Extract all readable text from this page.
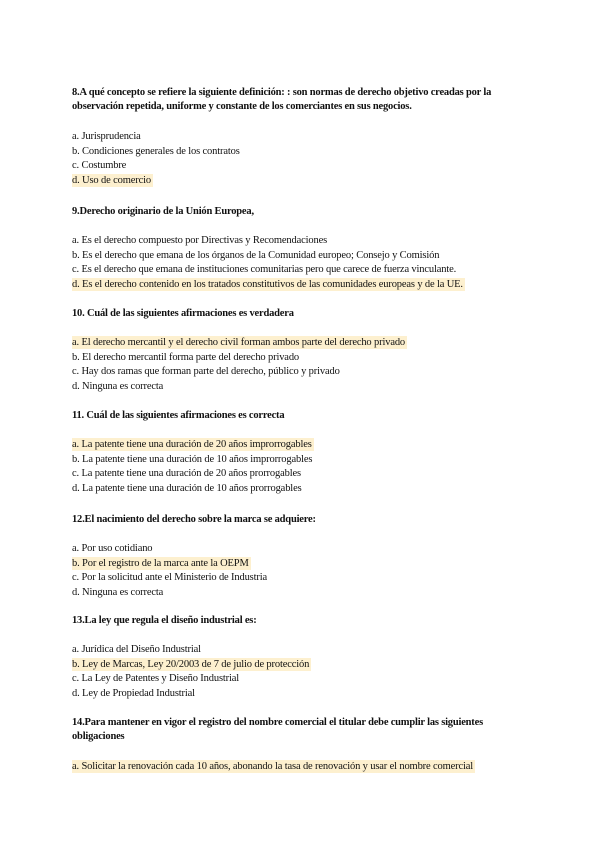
8.A qué concepto se refiere la siguiente definición: : son normas de derecho objetivo creadas por la observación repetida, uniforme y constante de los comerciantes en sus negocios.

a. Jurisprudencia
b. Condiciones generales de los contratos
c. Costumbre
d. Uso de comercio

9.Derecho originario de la Unión Europea,

a. Es el derecho compuesto por Directivas y Recomendaciones
b. Es el derecho que emana de los órganos de la Comunidad europeo; Consejo y Comisión
c. Es el derecho que emana de instituciones comunitarias pero que carece de fuerza vinculante.
d. Es el derecho contenido en los tratados constitutivos de las comunidades europeas y de la UE.

10. Cuál de las siguientes afirmaciones es verdadera

a. El derecho mercantil y el derecho civil forman ambos parte del derecho privado
b. El derecho mercantil forma parte del derecho privado
c. Hay dos ramas que forman parte del derecho, público y privado
d. Ninguna es correcta

11. Cuál de las siguientes afirmaciones es correcta

a. La patente tiene una duración de 20 años improrrogables
b. La patente tiene una duración de 10 años improrrogables
c. La patente tiene una duración de 20 años prorrogables
d. La patente tiene una duración de 10 años prorrogables

12.El nacimiento del derecho sobre la marca se adquiere:

a. Por uso cotidiano
b. Por el registro de la marca ante la OEPM
c. Por la solicitud ante el Ministerio de Industria
d. Ninguna es correcta

13.La ley que regula el diseño industrial es:

a. Jurídica del Diseño Industrial
b. Ley de Marcas, Ley 20/2003 de 7 de julio de protección
c. La Ley de Patentes y Diseño Industrial
d. Ley de Propiedad Industrial

14.Para mantener en vigor el registro del nombre comercial el titular debe cumplir las siguientes obligaciones

a. Solicitar la renovación cada 10 años, abonando la tasa de renovación y usar el nombre comercial
